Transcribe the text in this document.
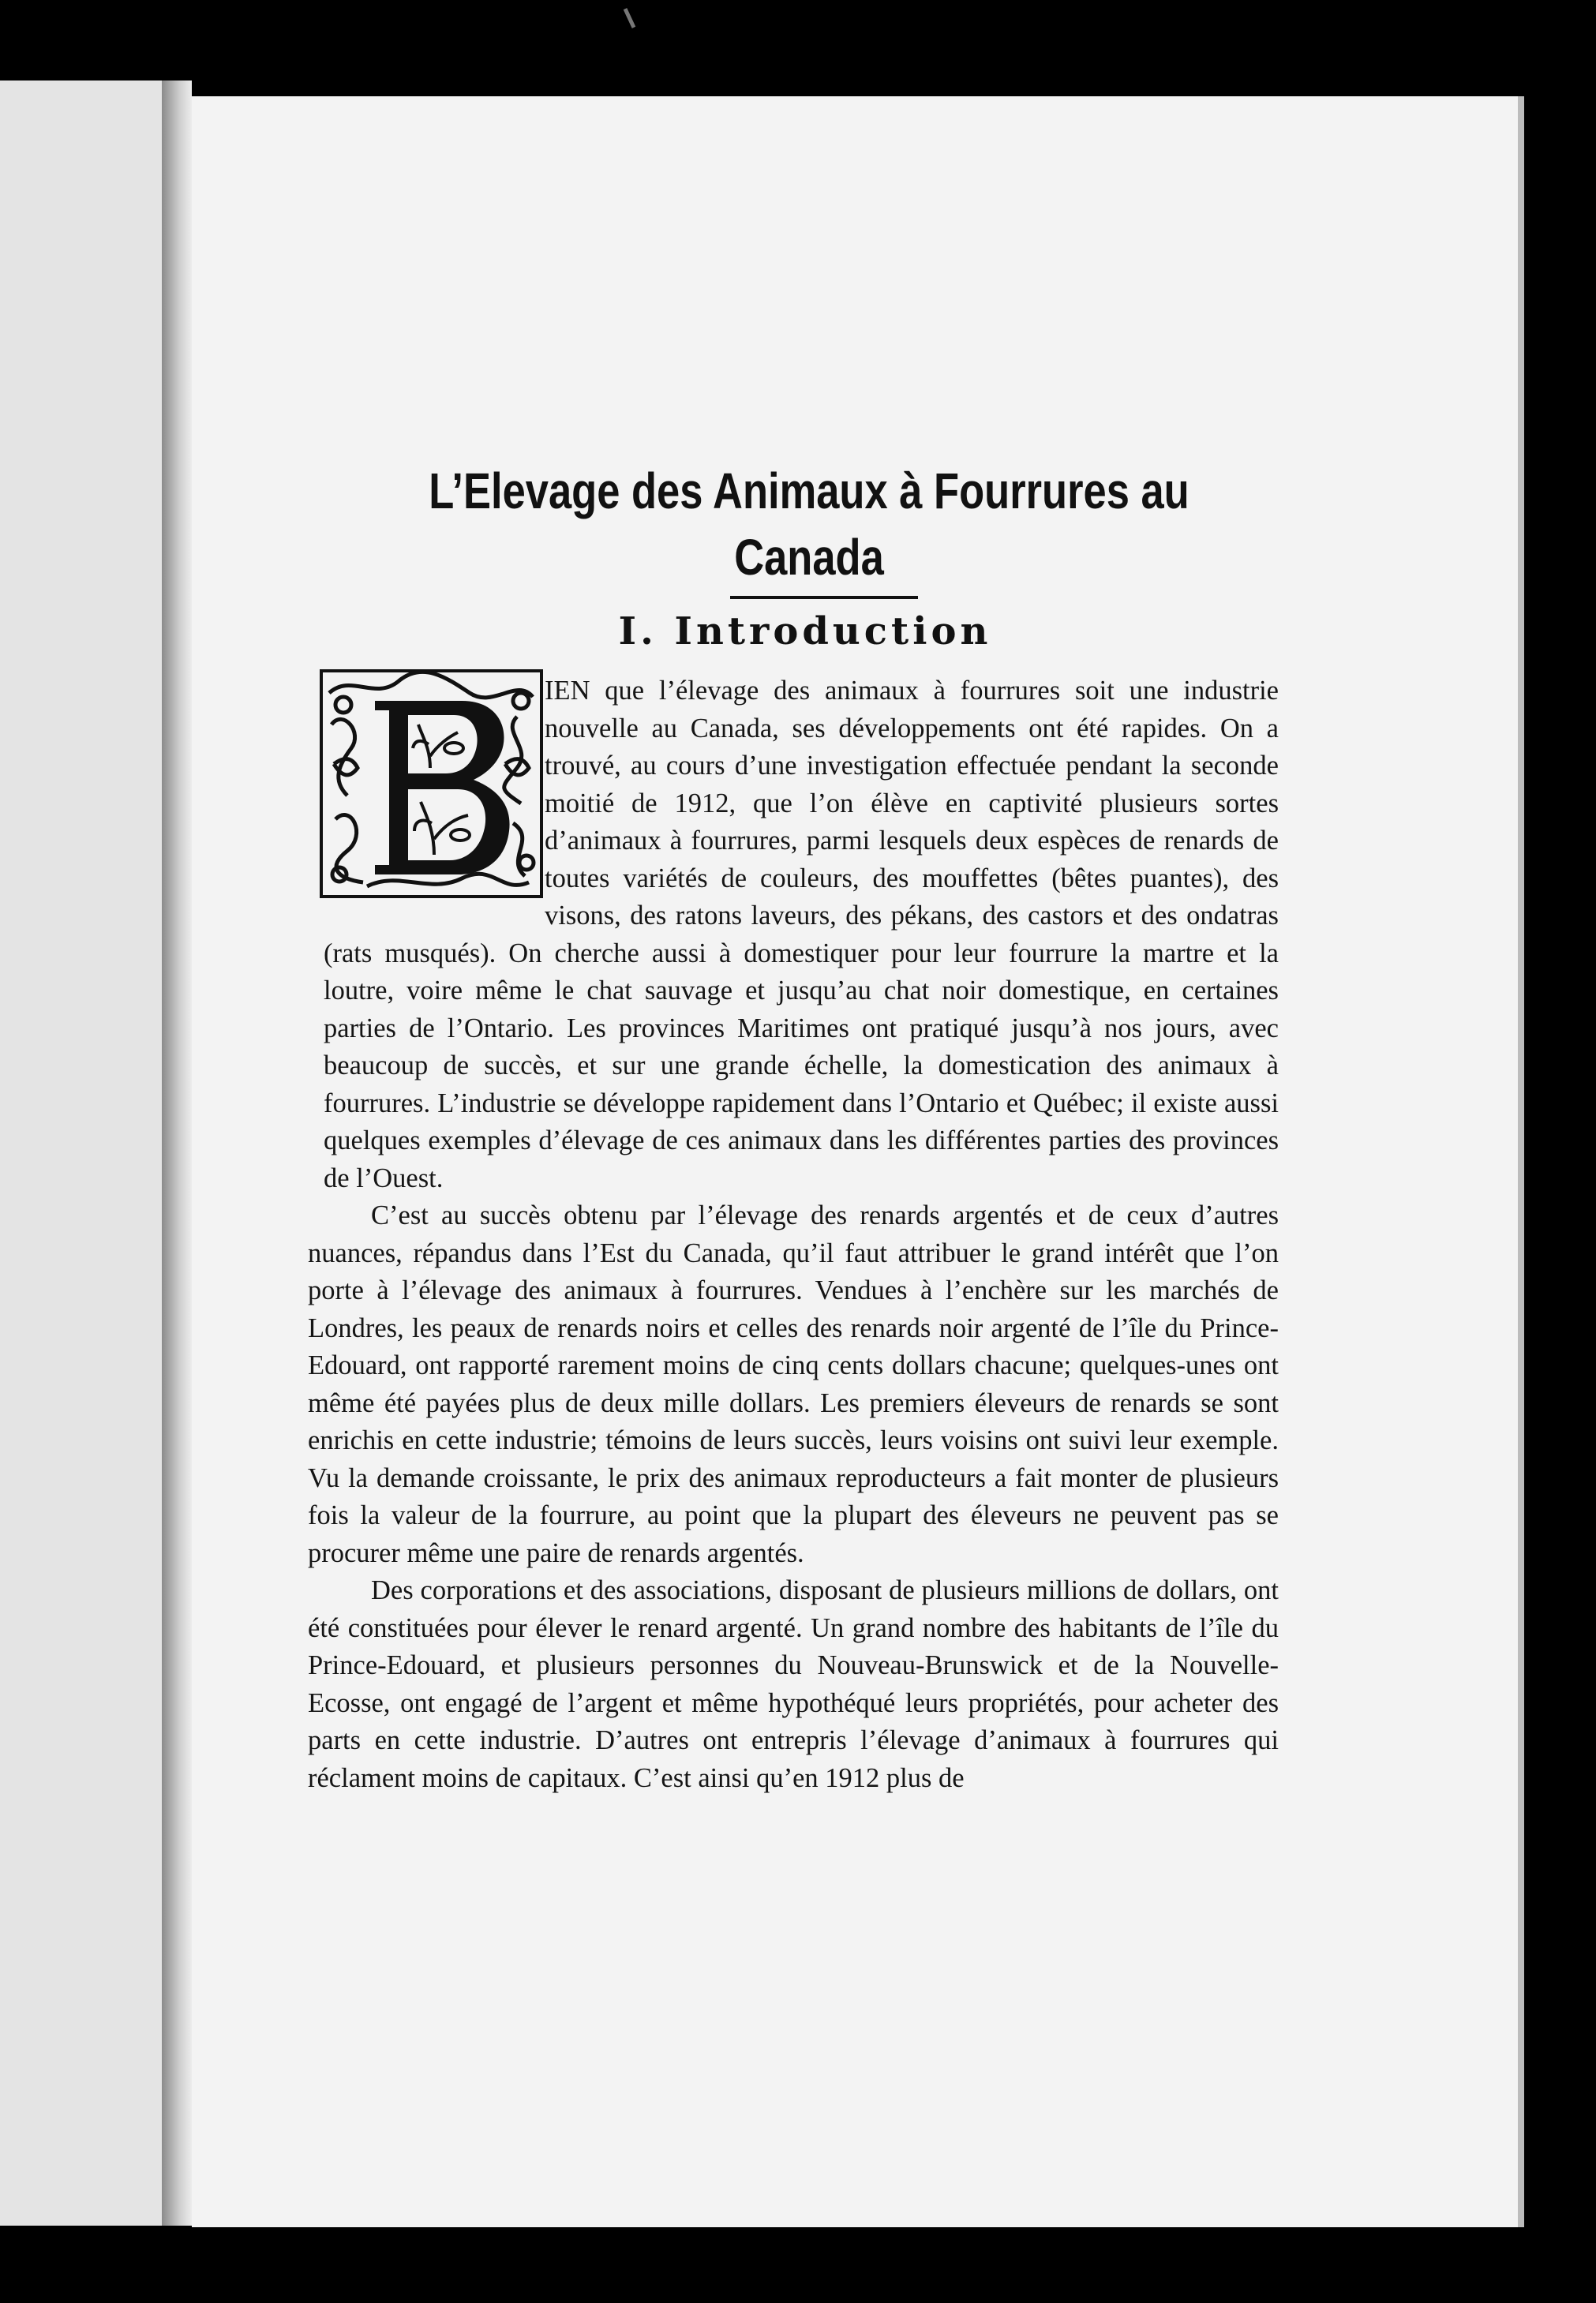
L’Elevage des Animaux à Fourrures au Canada
I. Introduction

IEN que l’élevage des animaux à fourrures soit une industrie nouvelle au Canada, ses développements ont été rapides. On a trouvé, au cours d’une investigation effectuée pendant la seconde moitié de 1912, que l’on élève en captivité plusieurs sortes d’animaux à fourrures, parmi lesquels deux espèces de renards de toutes variétés de couleurs, des mouffettes (bêtes puantes), des visons, des ratons laveurs, des pékans, des castors et des ondatras (rats musqués). On cherche aussi à domestiquer pour leur fourrure la martre et la loutre, voire même le chat sauvage et jusqu’au chat noir domestique, en certaines parties de l’Ontario. Les provinces Maritimes ont pratiqué jusqu’à nos jours, avec beaucoup de succès, et sur une grande échelle, la domestication des animaux à fourrures. L’industrie se développe rapidement dans l’Ontario et Québec; il existe aussi quelques exemples d’élevage de ces animaux dans les différentes parties des provinces de l’Ouest.

C’est au succès obtenu par l’élevage des renards argentés et de ceux d’autres nuances, répandus dans l’Est du Canada, qu’il faut attribuer le grand intérêt que l’on porte à l’élevage des animaux à fourrures. Vendues à l’enchère sur les marchés de Londres, les peaux de renards noirs et celles des renards noir argenté de l’île du Prince-Edouard, ont rapporté rarement moins de cinq cents dollars chacune; quelques-unes ont même été payées plus de deux mille dollars. Les premiers éleveurs de renards se sont enrichis en cette industrie; témoins de leurs succès, leurs voisins ont suivi leur exemple. Vu la demande croissante, le prix des animaux reproducteurs a fait monter de plusieurs fois la valeur de la fourrure, au point que la plupart des éleveurs ne peuvent pas se procurer même une paire de renards argentés.

Des corporations et des associations, disposant de plusieurs millions de dollars, ont été constituées pour élever le renard argenté. Un grand nombre des habitants de l’île du Prince-Edouard, et plusieurs personnes du Nouveau-Brunswick et de la Nouvelle-Ecosse, ont engagé de l’argent et même hypothéqué leurs propriétés, pour acheter des parts en cette industrie. D’autres ont entrepris l’élevage d’animaux à fourrures qui réclament moins de capitaux. C’est ainsi qu’en 1912 plus de
